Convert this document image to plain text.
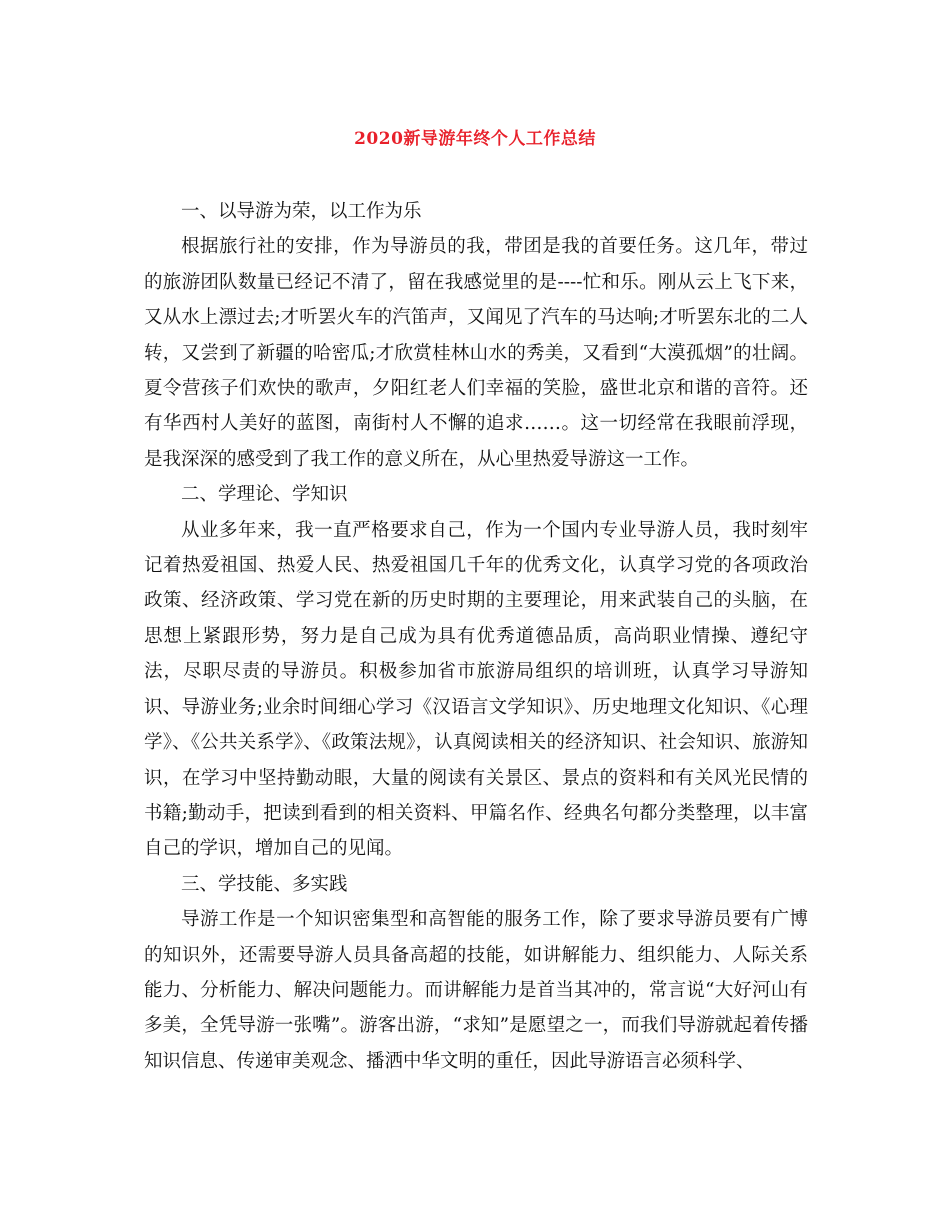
2020新导游年终个人工作总结
一、以导游为荣，以工作为乐

根据旅行社的安排，作为导游员的我，带团是我的首要任务。这几年，带过的旅游团队数量已经记不清了，留在我感觉里的是----忙和乐。刚从云上飞下来，又从水上漂过去;才听罢火车的汽笛声，又闻见了汽车的马达响;才听罢东北的二人转，又尝到了新疆的哈密瓜;才欣赏桂林山水的秀美，又看到“大漠孤烟”的壮阔。夏令营孩子们欢快的歌声，夕阳红老人们幸福的笑脸，盛世北京和谐的音符。还有华西村人美好的蓝图，南街村人不懈的追求……。这一切经常在我眼前浮现，是我深深的感受到了我工作的意义所在，从心里热爱导游这一工作。

二、学理论、学知识

从业多年来，我一直严格要求自己，作为一个国内专业导游人员，我时刻牢记着热爱祖国、热爱人民、热爱祖国几千年的优秀文化，认真学习党的各项政治政策、经济政策、学习党在新的历史时期的主要理论，用来武装自己的头脑，在思想上紧跟形势，努力是自己成为具有优秀道德品质，高尚职业情操、遵纪守法，尽职尽责的导游员。积极参加省市旅游局组织的培训班，认真学习导游知识、导游业务;业余时间细心学习《汉语言文学知识》、历史地理文化知识、《心理学》、《公共关系学》、《政策法规》，认真阅读相关的经济知识、社会知识、旅游知识，在学习中坚持勤动眼，大量的阅读有关景区、景点的资料和有关风光民情的书籍;勤动手，把读到看到的相关资料、甲篇名作、经典名句都分类整理，以丰富自己的学识，增加自己的见闻。

三、学技能、多实践

导游工作是一个知识密集型和高智能的服务工作，除了要求导游员要有广博的知识外，还需要导游人员具备高超的技能，如讲解能力、组织能力、人际关系能力、分析能力、解决问题能力。而讲解能力是首当其冲的，常言说“大好河山有多美，全凭导游一张嘴”。游客出游，“求知”是愿望之一，而我们导游就起着传播知识信息、传递审美观念、播洒中华文明的重任，因此导游语言必须科学、
